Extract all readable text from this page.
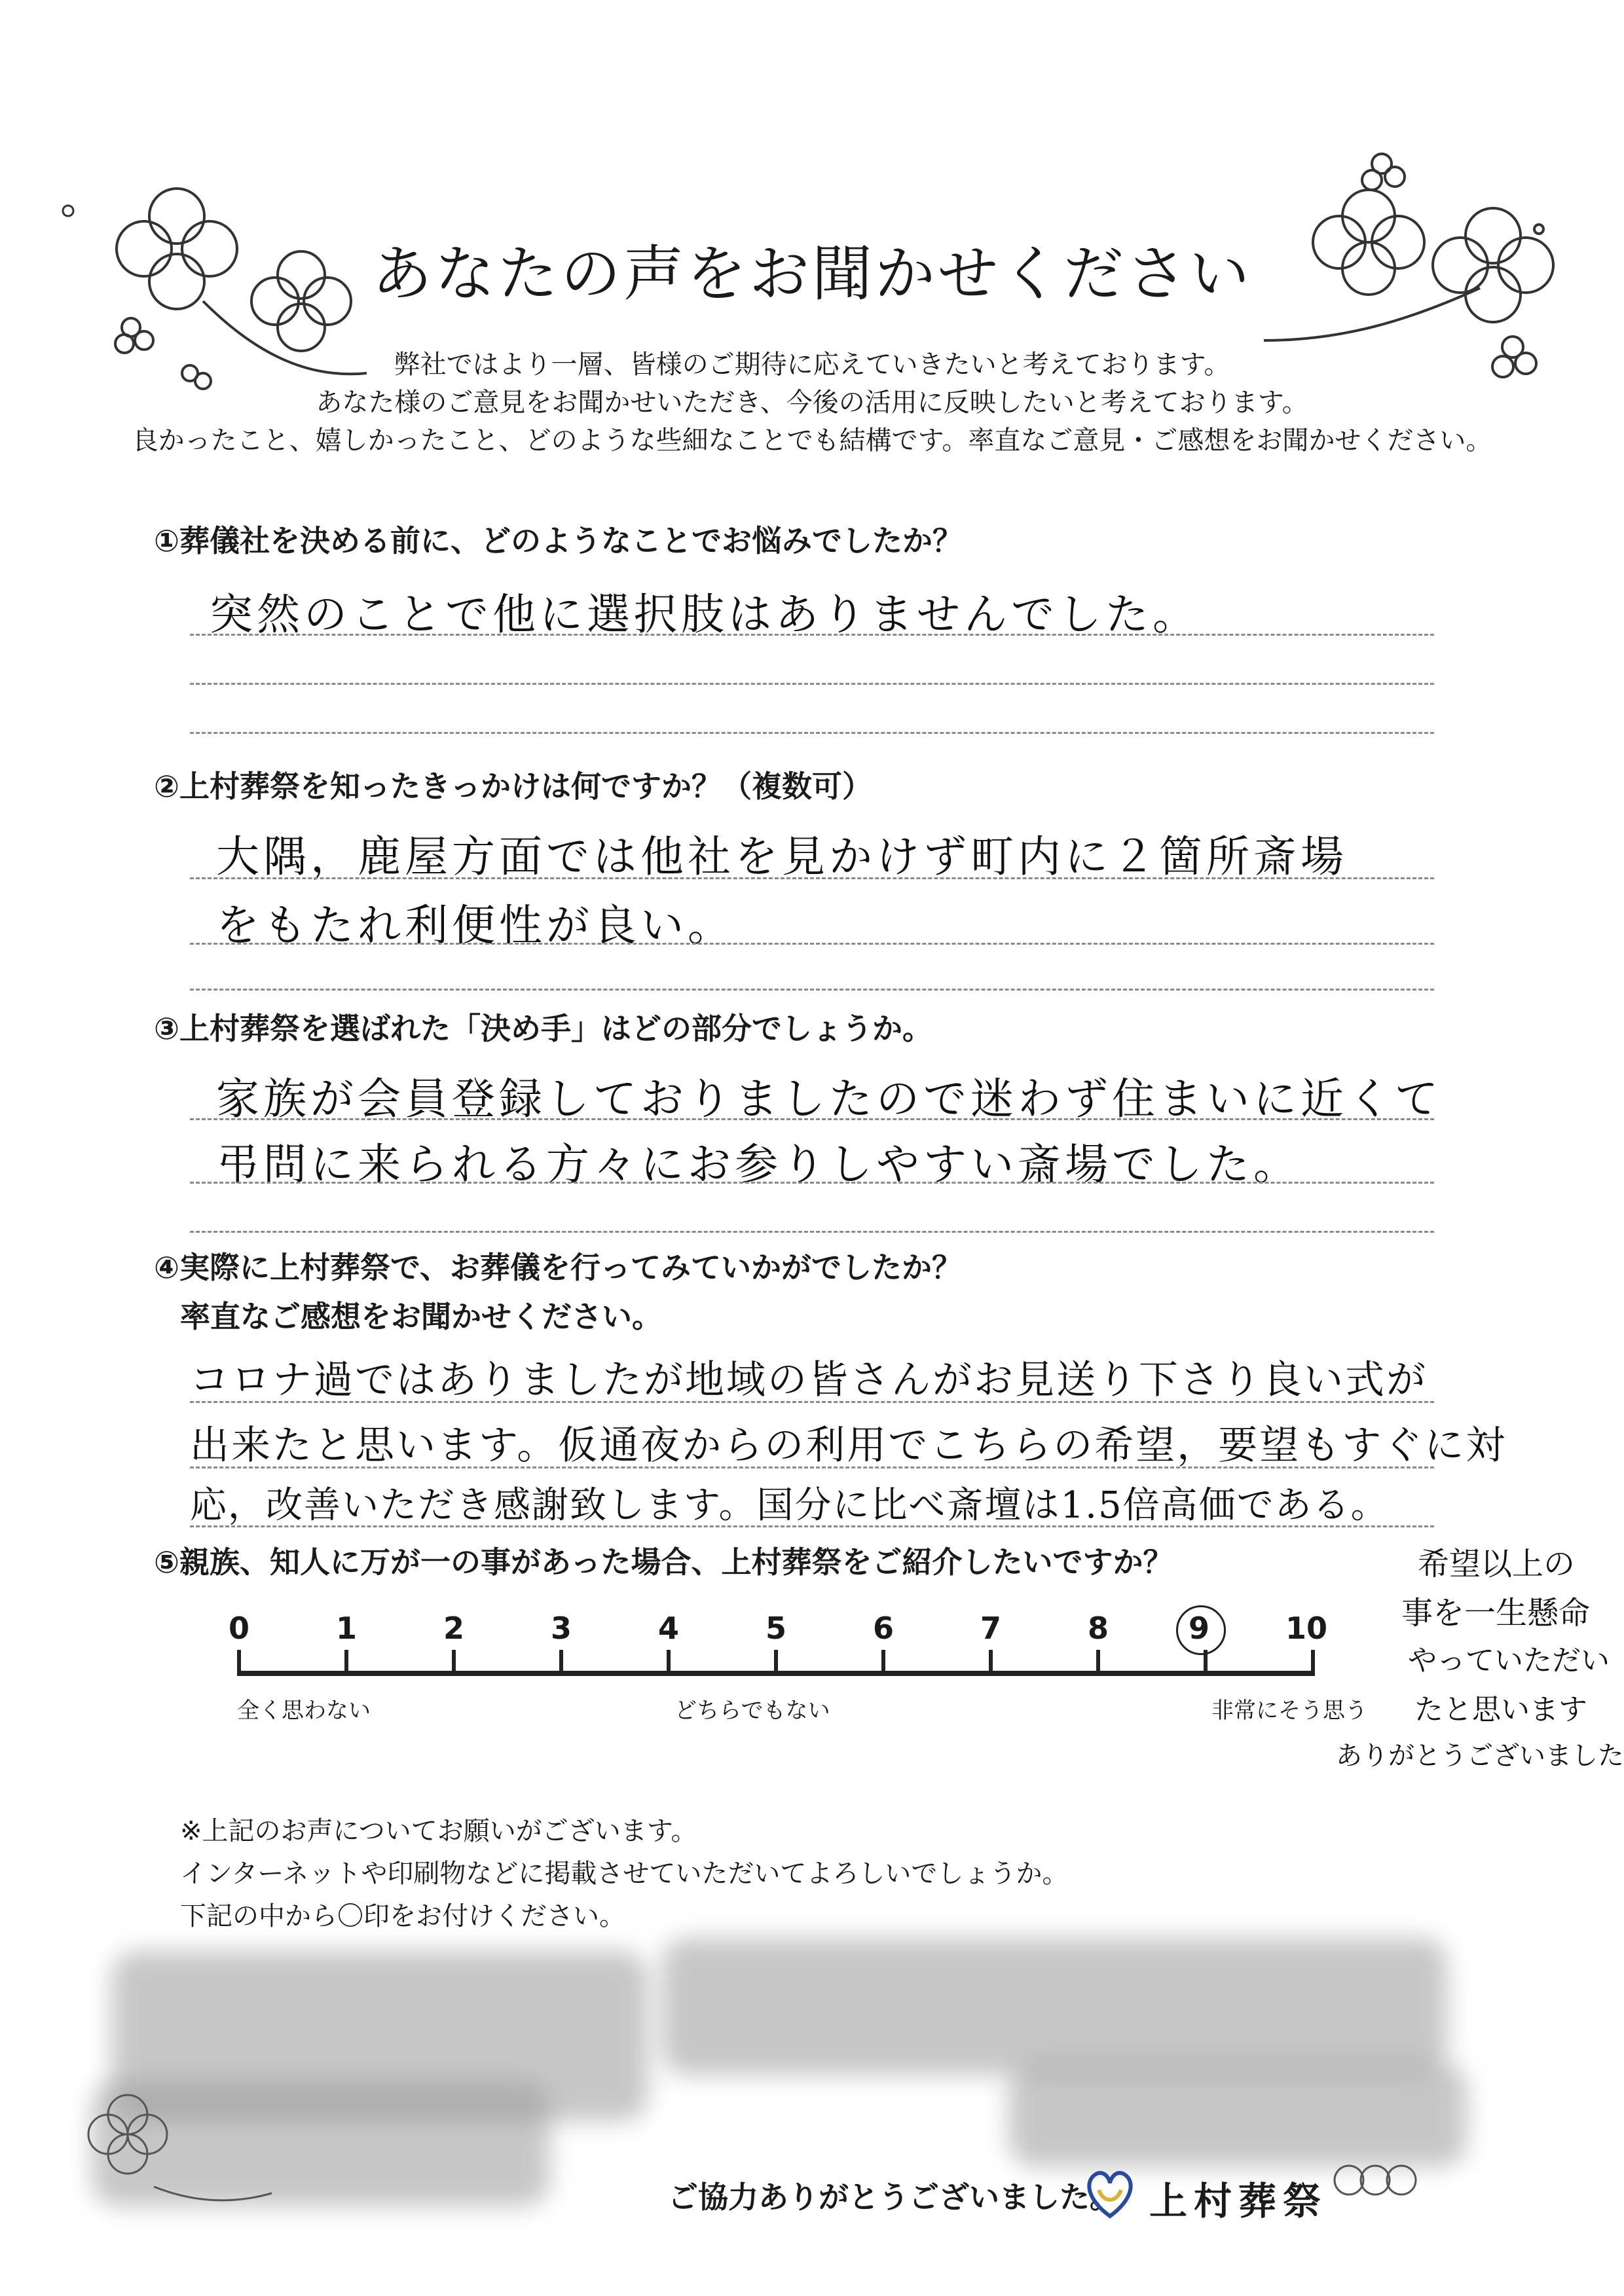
あなたの声をお聞かせください
弊社ではより一層、皆様のご期待に応えていきたいと考えております。
あなた様のご意見をお聞かせいただき、今後の活用に反映したいと考えております。
良かったこと、嬉しかったこと、どのような些細なことでも結構です。率直なご意見・ご感想をお聞かせください。
①葬儀社を決める前に、どのようなことでお悩みでしたか？
突然のことで他に選択肢はありませんでした。
②上村葬祭を知ったきっかけは何ですか？（複数可）
大隅，鹿屋方面では他社を見かけず町内に２箇所斎場
をもたれ利便性が良い。
③上村葬祭を選ばれた「決め手」はどの部分でしょうか。
家族が会員登録しておりましたので迷わず住まいに近くて
弔問に来られる方々にお参りしやすい斎場でした。
④実際に上村葬祭で、お葬儀を行ってみていかがでしたか？
率直なご感想をお聞かせください。
コロナ過ではありましたが地域の皆さんがお見送り下さり良い式が
出来たと思います。仮通夜からの利用でこちらの希望，要望もすぐに対
応，改善いただき感謝致します。国分に比べ斎壇は1.5倍高価である。
⑤親族、知人に万が一の事があった場合、上村葬祭をご紹介したいですか？	希望以上の
事を一生懸命
やっていただい
たと思います
ありがとうございました
0	1	2	3	4	5	6	7	8	9	10
全く思わない	どちらでもない	非常にそう思う
※上記のお声についてお願いがございます。
インターネットや印刷物などに掲載させていただいてよろしいでしょうか。
下記の中から〇印をお付けください。
ご協力ありがとうございました。 上村葬祭
